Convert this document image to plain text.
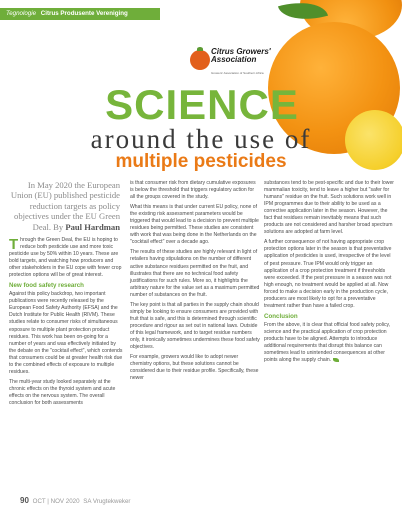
Tegnologie Citrus Produsente Vereniging
Citrus Growers' Association
Growers' Association of Southern Africa
SCIENCE
around the use of
multiple pesticides
In May 2020 the European Union (EU) published pesticide reduction targets as policy objectives under the EU Green Deal. By Paul Hardman

Through the Green Deal, the EU is hoping to reduce both pesticide use and more toxic pesticide use by 50% within 10 years. These are bold targets, and watching how producers and other stakeholders in the EU cope with fewer crop protection options will be of great interest.

New food safety research

Against this policy backdrop, two important publications were recently released by the European Food Safety Authority (EFSA) and the Dutch Institute for Public Health (RIVM). These studies relate to consumer risks of simultaneous exposure to multiple plant protection product residues. This work has been on-going for a number of years and was effectively initiated by the debate on the "cocktail effect", which contends that consumers could be at greater health risk due to the combined effects of exposure to multiple residues.

The multi-year study looked separately at the chronic effects on the thyroid system and acute effects on the nervous system. The overall conclusion for both assessments

is that consumer risk from dietary cumulative exposures is below the threshold that triggers regulatory action for all the groups covered in the study.

What this means is that under current EU policy, none of the existing risk assessment parameters would be triggered that would lead to a decision to prevent multiple residues being permitted. These studies are consistent with work that was being done in the Netherlands on the "cocktail effect" over a decade ago.

The results of these studies are highly relevant in light of retailers having stipulations on the number of different active substance residues permitted on the fruit, and illustrates that there are no technical food safety justifications for such rules. More so, it highlights the arbitrary nature for the value set as a maximum permitted number of substances on the fruit.

The key point is that all parties in the supply chain should simply be looking to ensure consumers are provided with fruit that is safe, and this is determined through scientific procedure and rigour as set out in national laws. Outside of this legal framework, and to target residue numbers only, it ironically sometimes undermines these food safety objectives.

For example, growers would like to adopt newer chemistry options, but these solutions cannot be considered due to their residue profile. Specifically, these newer

substances tend to be pest-specific and due to their lower mammalian toxicity, tend to leave a higher but "safer for humans" residue on the fruit. Such solutions work well in IPM programmes due to their ability to be used as a corrective application later in the season. However, the fact that residues remain inevitably means that such products are not considered and harsher broad spectrum solutions are adopted at farm level.

A further consequence of not having appropriate crop protection options later in the season is that preventative application of pesticides is used, irrespective of the level of pest pressure. True IPM would only trigger an application of a crop protection treatment if thresholds were exceeded. If the pest pressure in a season was not high enough, no treatment would be applied at all. Now forced to make a decision early in the production cycle, producers are most likely to opt for a preventative treatment rather than have a failed crop.

Conclusion

From the above, it is clear that official food safety policy, science and the practical application of crop protection products have to be aligned. Attempts to introduce additional requirements that disrupt this balance can sometimes lead to unintended consequences at other points along the supply chain.

90 OCT | NOV 2020 SA Vrugtekweker
